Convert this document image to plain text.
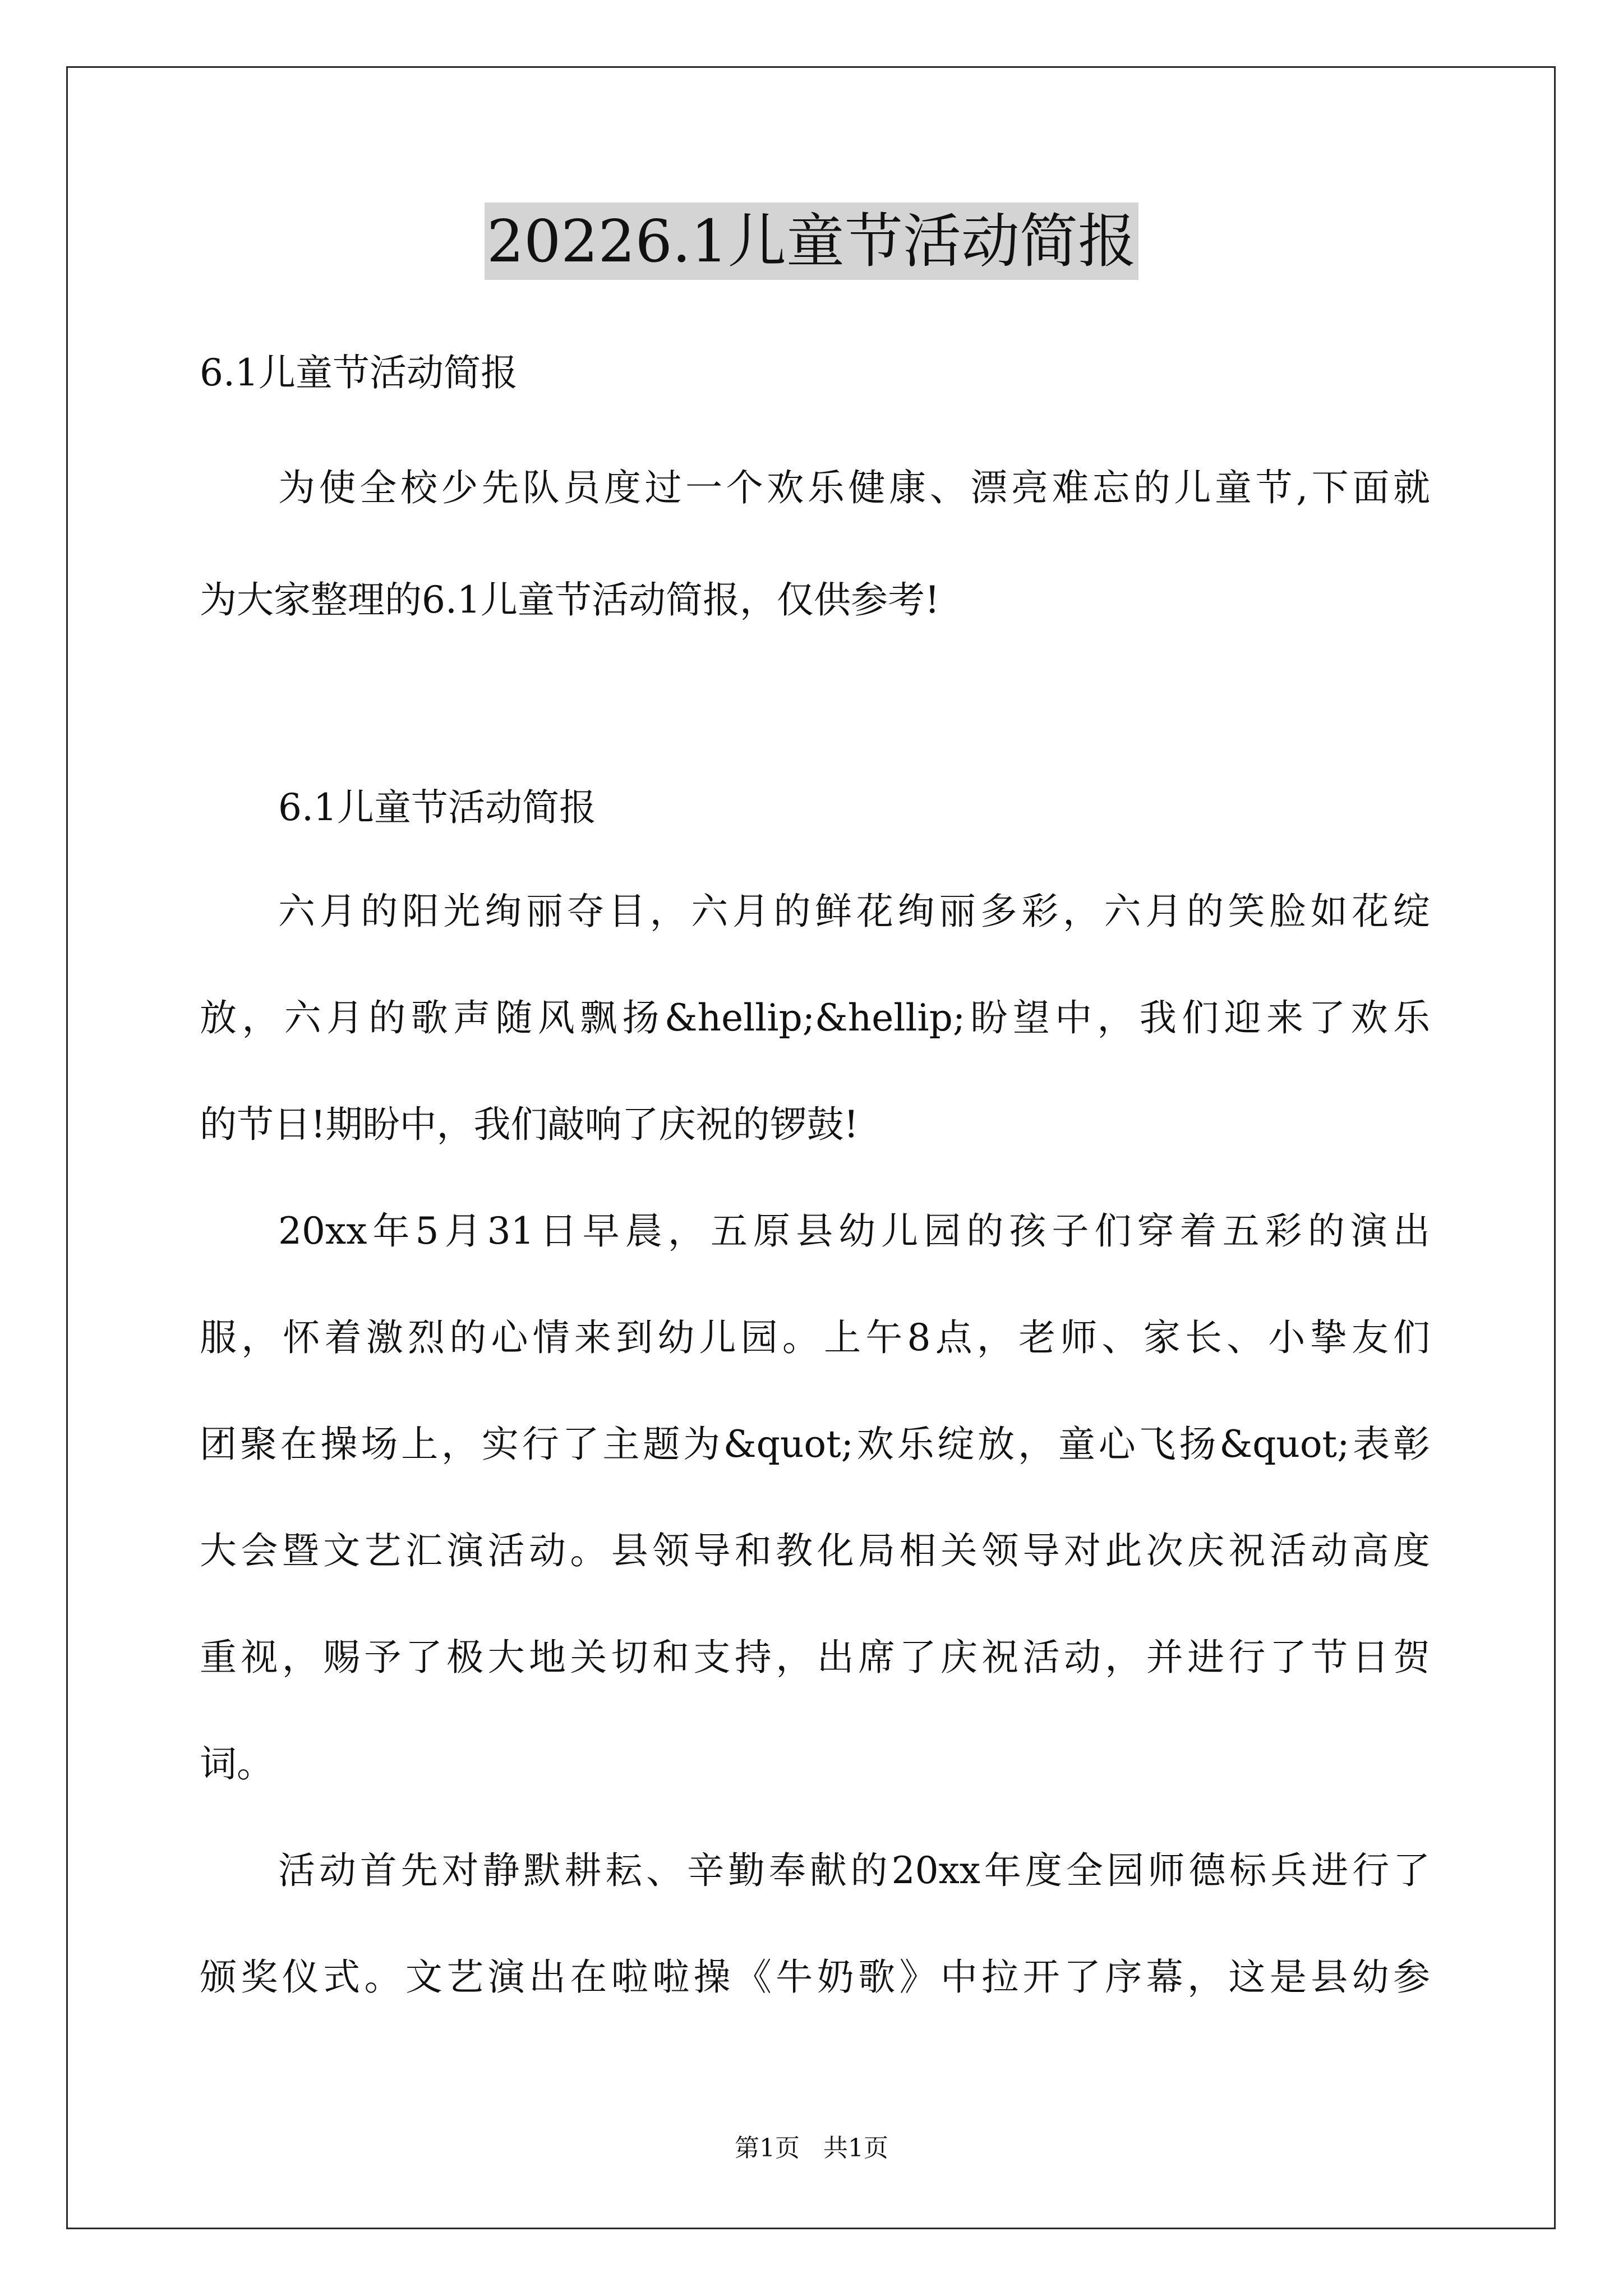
20226.1儿童节活动简报
6.1儿童节活动简报
为使全校少先队员度过一个欢乐健康、漂亮难忘的儿童节,下面就
为大家整理的6.1儿童节活动简报，仅供参考!
6.1儿童节活动简报
六月的阳光绚丽夺目，六月的鲜花绚丽多彩，六月的笑脸如花绽
放，六月的歌声随风飘扬&hellip;&hellip;盼望中，我们迎来了欢乐
的节日!期盼中，我们敲响了庆祝的锣鼓!
20xx年5月31日早晨，五原县幼儿园的孩子们穿着五彩的演出
服，怀着激烈的心情来到幼儿园。上午8点，老师、家长、小挚友们
团聚在操场上，实行了主题为&quot;欢乐绽放，童心飞扬&quot;表彰
大会暨文艺汇演活动。县领导和教化局相关领导对此次庆祝活动高度
重视，赐予了极大地关切和支持，出席了庆祝活动，并进行了节日贺
词。
活动首先对静默耕耘、辛勤奉献的20xx年度全园师德标兵进行了
颁奖仪式。文艺演出在啦啦操《牛奶歌》中拉开了序幕，这是县幼参
第1页   共1页
